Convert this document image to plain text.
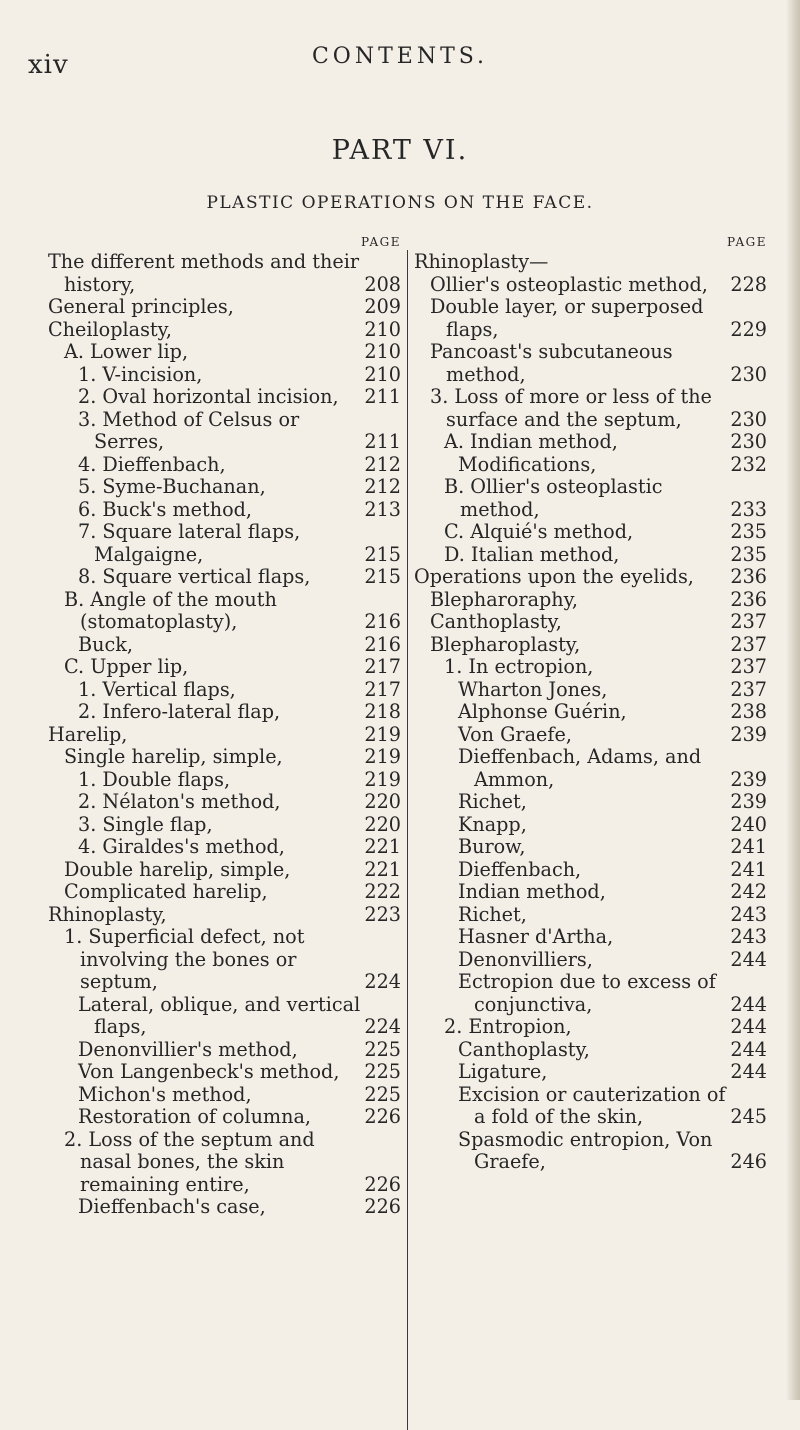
xiv	CONTENTS.
PART VI.
PLASTIC OPERATIONS ON THE FACE.
PAGE
The different methods and their history,	208
General principles,	209
Cheiloplasty,	210
A. Lower lip,	210
1. V-incision,	210
2. Oval horizontal incision, 211
3. Method of Celsus or Serres,	211
4. Dieffenbach,	212
5. Syme-Buchanan,	212
6. Buck's method,	213
7. Square lateral flaps, Malgaigne,	215
8. Square vertical flaps,	215
B. Angle of the mouth (stomatoplasty),	216
Buck,	216
C. Upper lip,	217
1. Vertical flaps,	217
2. Infero-lateral flap,	218
Harelip,	219
Single harelip, simple,	219
1. Double flaps,	219
2. Nélaton's method,	220
3. Single flap,	220
4. Giraldes's method,	221
Double harelip, simple,	221
Complicated harelip,	222
Rhinoplasty,	223
1. Superficial defect, not involving the bones or septum,	224
Lateral, oblique, and vertical flaps,	224
Denonvillier's method,	225
Von Langenbeck's method, 225
Michon's method,	225
Restoration of columna,	226
2. Loss of the septum and nasal bones, the skin remaining entire,	226
Dieffenbach's case,	226
PAGE
Rhinoplasty—
Ollier's osteoplastic method, 228
Double layer, or superposed flaps,	229
Pancoast's subcutaneous method,	230
3. Loss of more or less of the surface and the septum,	230
A. Indian method,	230
Modifications,	232
B. Ollier's osteoplastic method,	233
C. Alquié's method,	235
D. Italian method,	235
Operations upon the eyelids, 236
Blepharoraphy,	236
Canthoplasty,	237
Blepharoplasty,	237
1. In ectropion,	237
Wharton Jones,	237
Alphonse Guérin,	238
Von Graefe,	239
Dieffenbach, Adams, and Ammon,	239
Richet,	239
Knapp,	240
Burow,	241
Dieffenbach,	241
Indian method,	242
Richet,	243
Hasner d'Artha,	243
Denonvilliers,	244
Ectropion due to excess of conjunctiva,	244
2. Entropion,	244
Canthoplasty,	244
Ligature,	244
Excision or cauterization of a fold of the skin,	245
Spasmodic entropion, Von Graefe,	246
